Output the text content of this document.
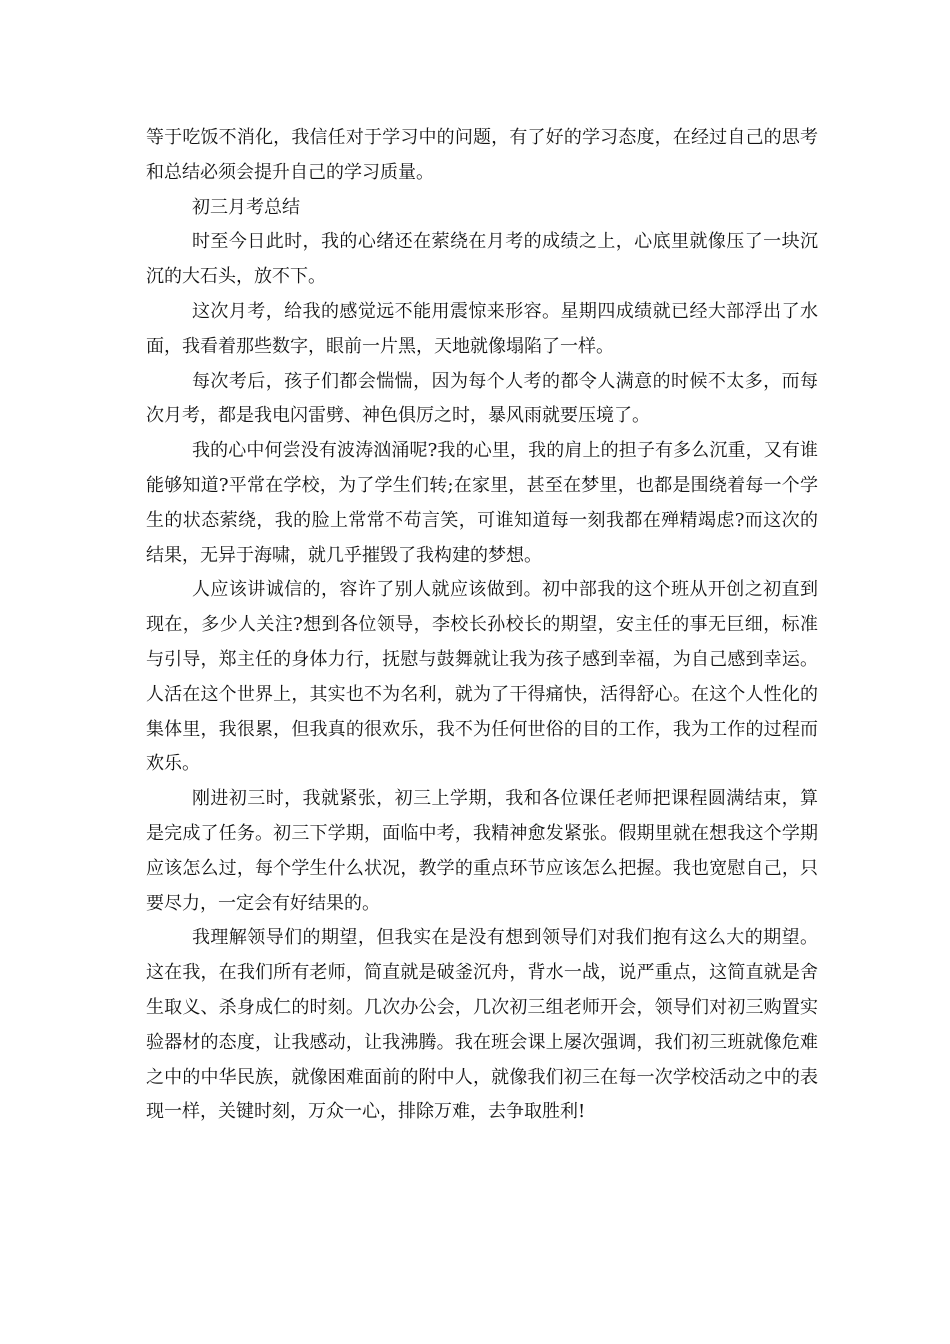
等于吃饭不消化，我信任对于学习中的问题，有了好的学习态度，在经过自己的思考和总结必须会提升自己的学习质量。

初三月考总结

时至今日此时，我的心绪还在萦绕在月考的成绩之上，心底里就像压了一块沉沉的大石头，放不下。

这次月考，给我的感觉远不能用震惊来形容。星期四成绩就已经大部浮出了水面，我看着那些数字，眼前一片黑，天地就像塌陷了一样。

每次考后，孩子们都会惴惴，因为每个人考的都令人满意的时候不太多，而每次月考，都是我电闪雷劈、神色俱厉之时，暴风雨就要压境了。

我的心中何尝没有波涛汹涌呢?我的心里，我的肩上的担子有多么沉重，又有谁能够知道?平常在学校，为了学生们转;在家里，甚至在梦里，也都是围绕着每一个学生的状态萦绕，我的脸上常常不苟言笑，可谁知道每一刻我都在殚精竭虑?而这次的结果，无异于海啸，就几乎摧毁了我构建的梦想。

人应该讲诚信的，容许了别人就应该做到。初中部我的这个班从开创之初直到现在，多少人关注?想到各位领导，李校长孙校长的期望，安主任的事无巨细，标准与引导，郑主任的身体力行，抚慰与鼓舞就让我为孩子感到幸福，为自己感到幸运。人活在这个世界上，其实也不为名利，就为了干得痛快，活得舒心。在这个人性化的集体里，我很累，但我真的很欢乐，我不为任何世俗的目的工作，我为工作的过程而欢乐。

刚进初三时，我就紧张，初三上学期，我和各位课任老师把课程圆满结束，算是完成了任务。初三下学期，面临中考，我精神愈发紧张。假期里就在想我这个学期应该怎么过，每个学生什么状况，教学的重点环节应该怎么把握。我也宽慰自己，只要尽力，一定会有好结果的。

我理解领导们的期望，但我实在是没有想到领导们对我们抱有这么大的期望。这在我，在我们所有老师，简直就是破釜沉舟，背水一战，说严重点，这简直就是舍生取义、杀身成仁的时刻。几次办公会，几次初三组老师开会，领导们对初三购置实验器材的态度，让我感动，让我沸腾。我在班会课上屡次强调，我们初三班就像危难之中的中华民族，就像困难面前的附中人，就像我们初三在每一次学校活动之中的表现一样，关键时刻，万众一心，排除万难，去争取胜利!
